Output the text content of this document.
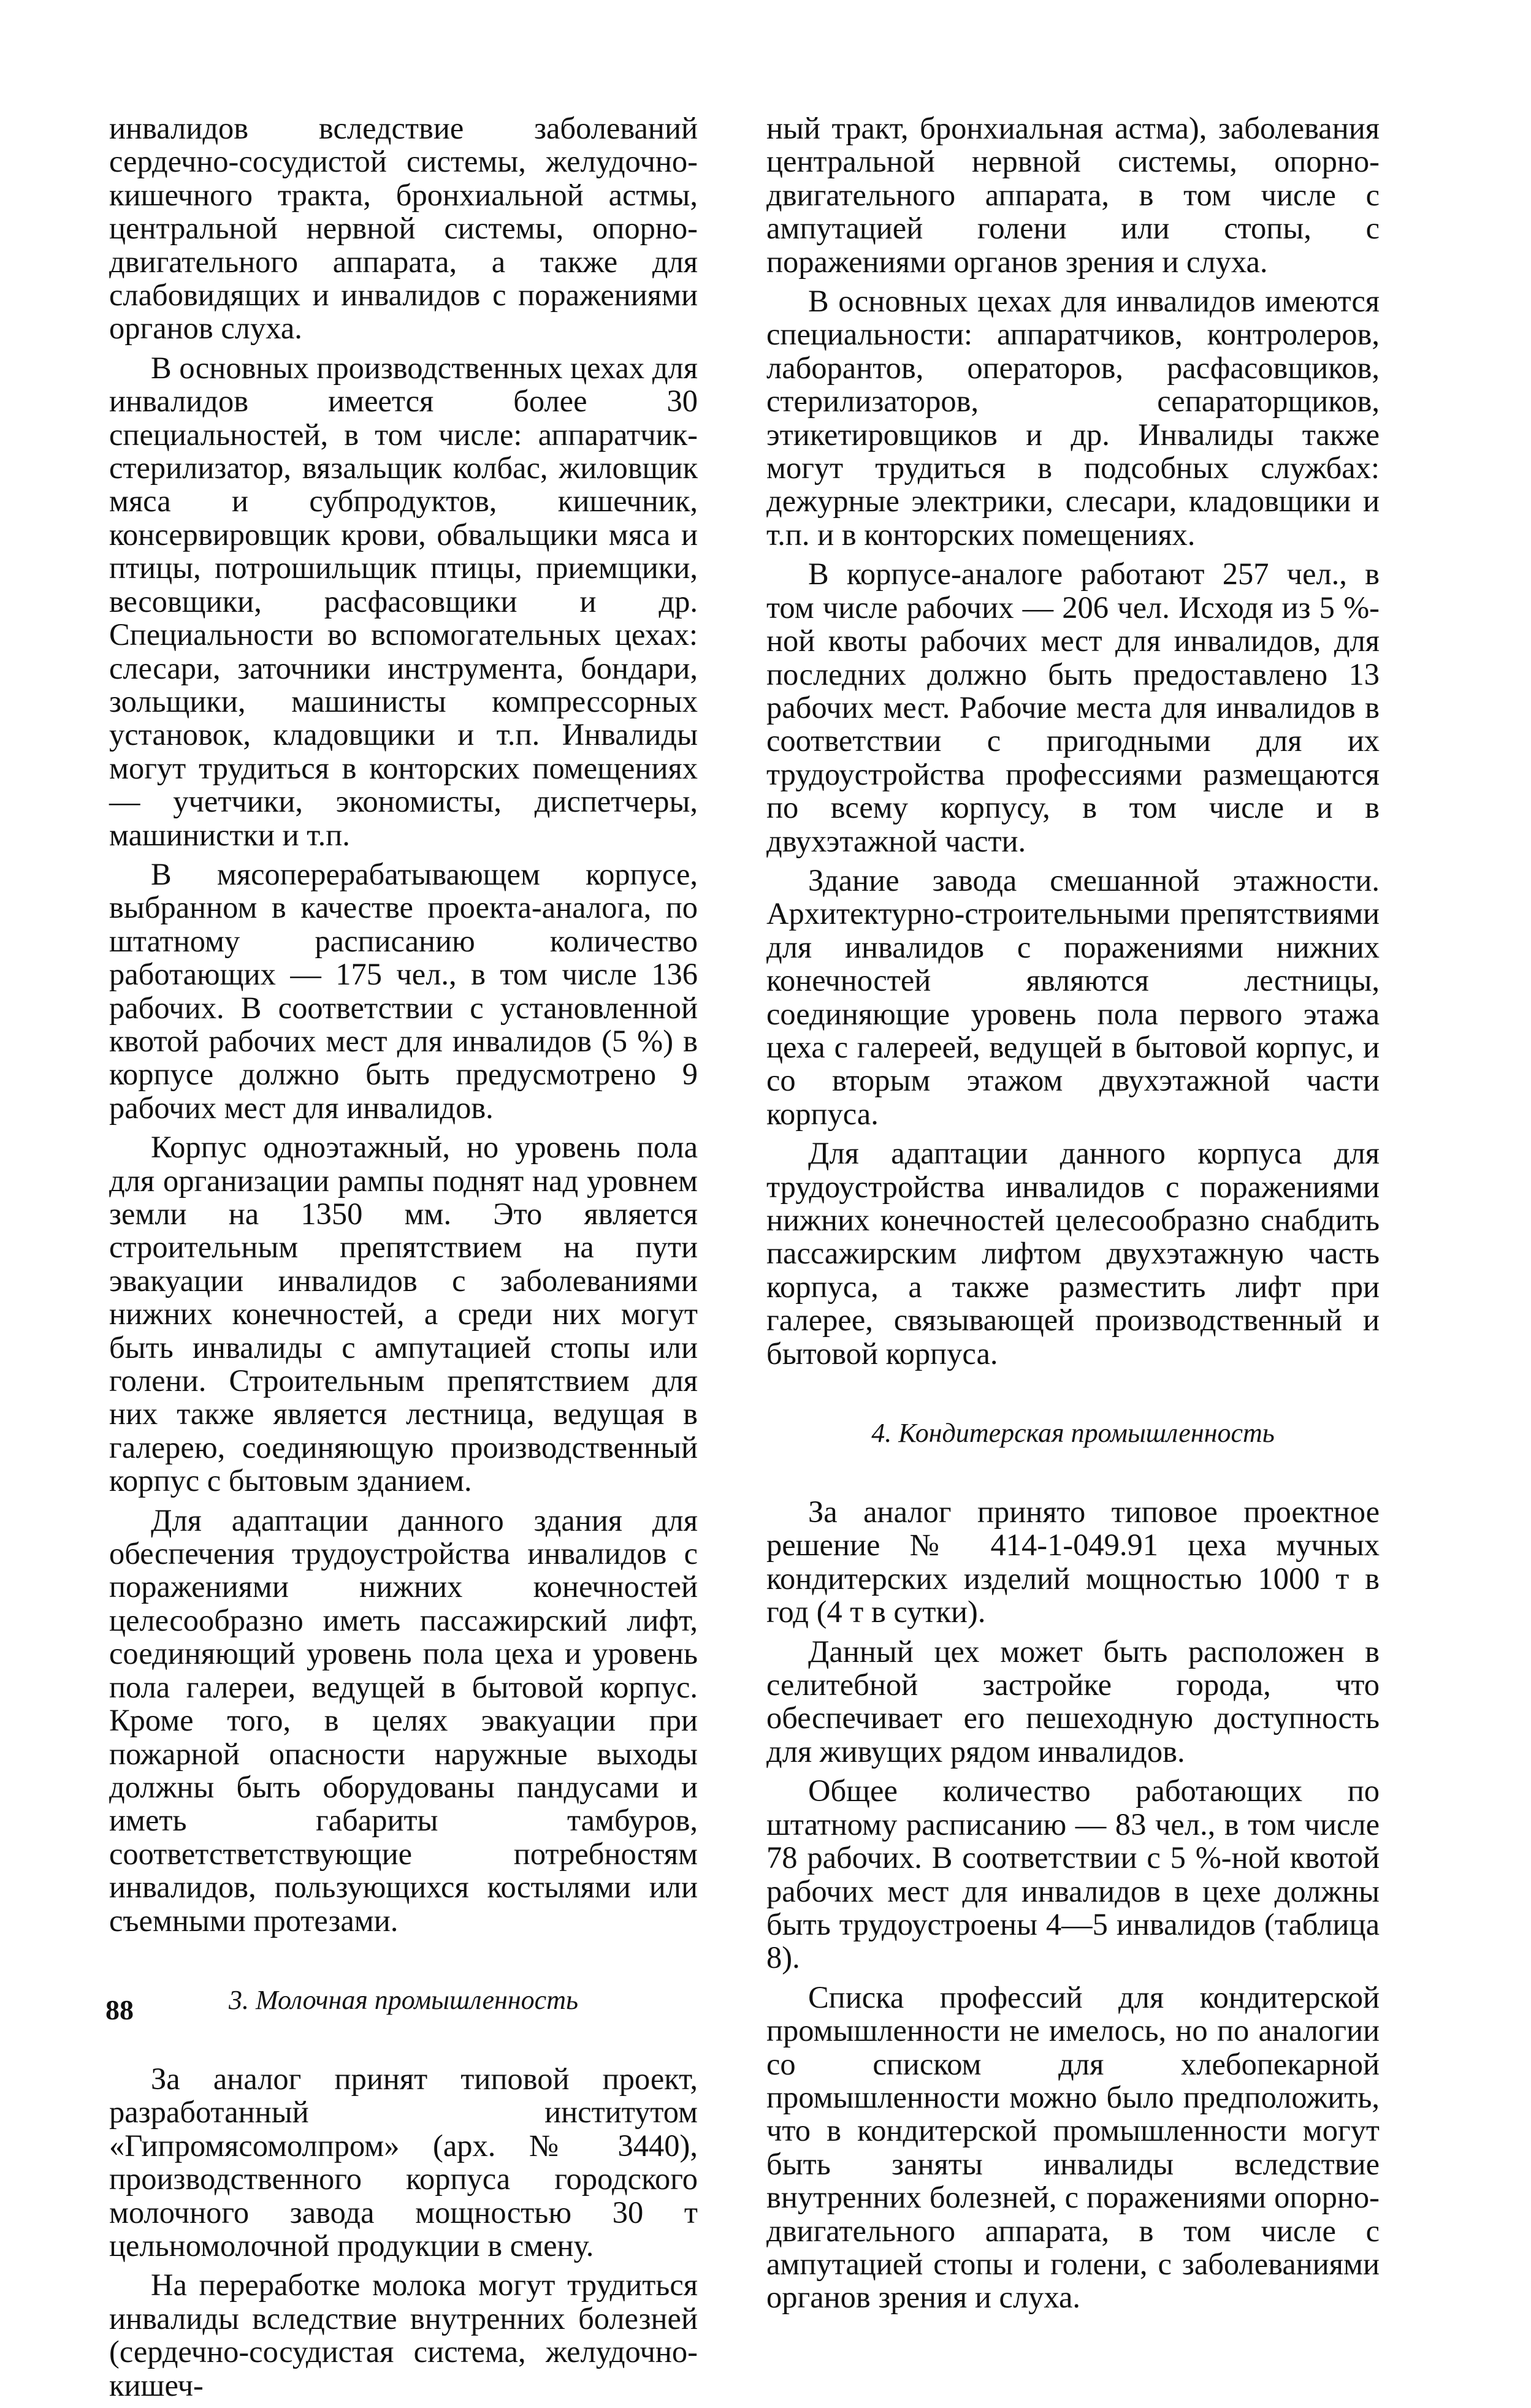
инвалидов вследствие заболеваний сердечно-сосудистой системы, желудочно-кишечного тракта, бронхиальной астмы, центральной нервной системы, опорно-двигательного аппарата, а также для слабовидящих и инвалидов с поражениями органов слуха.

В основных производственных цехах для инвалидов имеется более 30 специальностей, в том числе: аппаратчик-стерилизатор, вязальщик колбас, жиловщик мяса и субпродуктов, кишечник, консервировщик крови, обвальщики мяса и птицы, потрошильщик птицы, приемщики, весовщики, расфасовщики и др. Специальности во вспомогательных цехах: слесари, заточники инструмента, бондари, зольщики, машинисты компрессорных установок, кладовщики и т.п. Инвалиды могут трудиться в конторских помещениях — учетчики, экономисты, диспетчеры, машинистки и т.п.

В мясоперерабатывающем корпусе, выбранном в качестве проекта-аналога, по штатному расписанию количество работающих — 175 чел., в том числе 136 рабочих. В соответствии с установленной квотой рабочих мест для инвалидов (5 %) в корпусе должно быть предусмотрено 9 рабочих мест для инвалидов.

Корпус одноэтажный, но уровень пола для организации рампы поднят над уровнем земли на 1350 мм. Это является строительным препятствием на пути эвакуации инвалидов с заболеваниями нижних конечностей, а среди них могут быть инвалиды с ампутацией стопы или голени. Строительным препятствием для них также является лестница, ведущая в галерею, соединяющую производственный корпус с бытовым зданием.

Для адаптации данного здания для обеспечения трудоустройства инвалидов с поражениями нижних конечностей целесообразно иметь пассажирский лифт, соединяющий уровень пола цеха и уровень пола галереи, ведущей в бытовой корпус. Кроме того, в целях эвакуации при пожарной опасности наружные выходы должны быть оборудованы пандусами и иметь габариты тамбуров, соответстветствующие потребностям инвалидов, пользующихся костылями или съемными протезами.

3. Молочная промышленность

За аналог принят типовой проект, разработанный институтом «Гипромясомолпром» (арх. № 3440), производственного корпуса городского молочного завода мощностью 30 т цельномолочной продукции в смену.

На переработке молока могут трудиться инвалиды вследствие внутренних болезней (сердечно-сосудистая система, желудочно-кишеч-

ный тракт, бронхиальная астма), заболевания центральной нервной системы, опорно-двигательного аппарата, в том числе с ампутацией голени или стопы, с поражениями органов зрения и слуха.

В основных цехах для инвалидов имеются специальности: аппаратчиков, контролеров, лаборантов, операторов, расфасовщиков, стерилизаторов, сепараторщиков, этикетировщиков и др. Инвалиды также могут трудиться в подсобных службах: дежурные электрики, слесари, кладовщики и т.п. и в конторских помещениях.

В корпусе-аналоге работают 257 чел., в том числе рабочих — 206 чел. Исходя из 5 %-ной квоты рабочих мест для инвалидов, для последних должно быть предоставлено 13 рабочих мест. Рабочие места для инвалидов в соответствии с пригодными для их трудоустройства профессиями размещаются по всему корпусу, в том числе и в двухэтажной части.

Здание завода смешанной этажности. Архитектурно-строительными препятствиями для инвалидов с поражениями нижних конечностей являются лестницы, соединяющие уровень пола первого этажа цеха с галереей, ведущей в бытовой корпус, и со вторым этажом двухэтажной части корпуса.

Для адаптации данного корпуса для трудоустройства инвалидов с поражениями нижних конечностей целесообразно снабдить пассажирским лифтом двухэтажную часть корпуса, а также разместить лифт при галерее, связывающей производственный и бытовой корпуса.

4. Кондитерская промышленность

За аналог принято типовое проектное решение № 414-1-049.91 цеха мучных кондитерских изделий мощностью 1000 т в год (4 т в сутки).

Данный цех может быть расположен в селитебной застройке города, что обеспечивает его пешеходную доступность для живущих рядом инвалидов.

Общее количество работающих по штатному расписанию — 83 чел., в том числе 78 рабочих. В соответствии с 5 %-ной квотой рабочих мест для инвалидов в цехе должны быть трудоустроены 4—5 инвалидов (таблица 8).

Списка профессий для кондитерской промышленности не имелось, но по аналогии со списком для хлебопекарной промышленности можно было предположить, что в кондитерской промышленности могут быть заняты инвалиды вследствие внутренних болезней, с поражениями опорно-двигательного аппарата, в том числе с ампутацией стопы и голени, с заболеваниями органов зрения и слуха.

88
